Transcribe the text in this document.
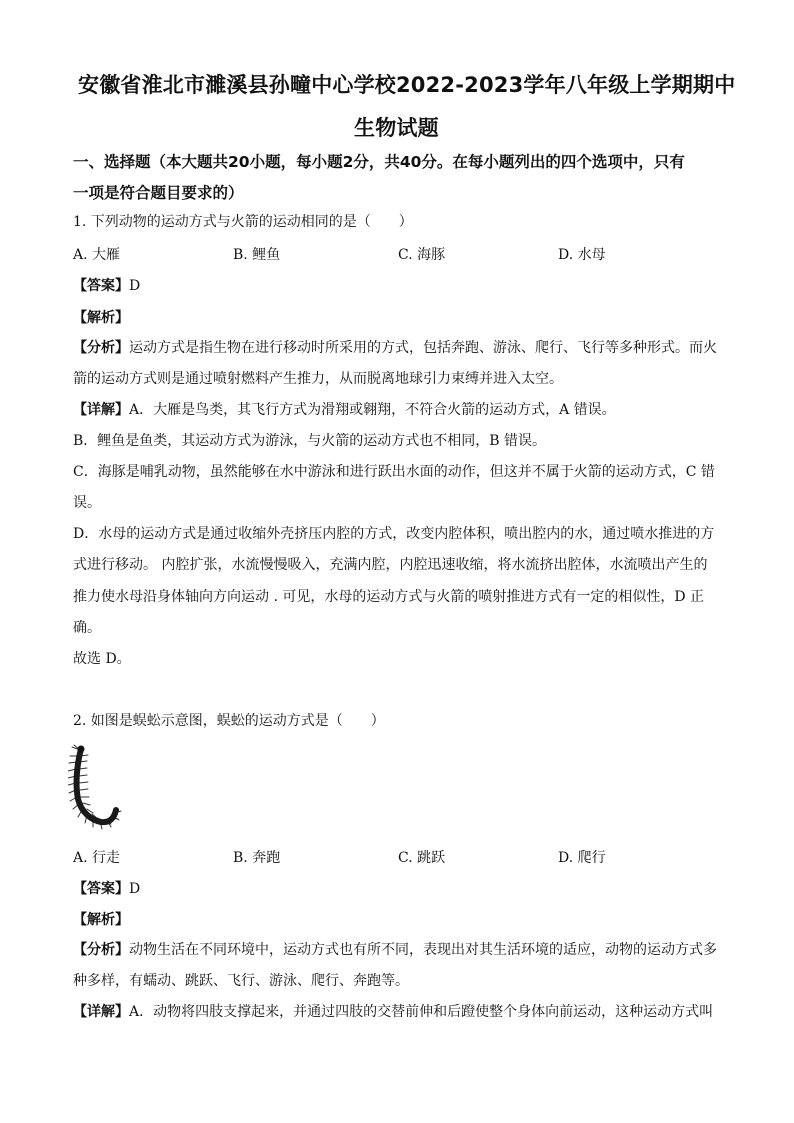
安徽省淮北市濉溪县孙疃中心学校2022-2023学年八年级上学期期中
生物试题
一、选择题（本大题共20小题，每小题2分，共40分。在每小题列出的四个选项中，只有
一项是符合题目要求的）
1. 下列动物的运动方式与火箭的运动相同的是（　　）
A. 大雁	B. 鲤鱼	C. 海豚	D. 水母
【答案】D
【解析】
【分析】运动方式是指生物在进行移动时所采用的方式，包括奔跑、游泳、爬行、飞行等多种形式。而火
箭的运动方式则是通过喷射燃料产生推力，从而脱离地球引力束缚并进入太空。
【详解】A．大雁是鸟类，其飞行方式为滑翔或翱翔，不符合火箭的运动方式，A 错误。
B．鲤鱼是鱼类，其运动方式为游泳，与火箭的运动方式也不相同，B 错误。
C．海豚是哺乳动物，虽然能够在水中游泳和进行跃出水面的动作，但这并不属于火箭的运动方式，C 错
误。
D．水母的运动方式是通过收缩外壳挤压内腔的方式，改变内腔体积，喷出腔内的水，通过喷水推进的方
式进行移动。 内腔扩张，水流慢慢吸入，充满内腔，内腔迅速收缩，将水流挤出腔体，水流喷出产生的
推力使水母沿身体轴向方向运动 . 可见，水母的运动方式与火箭的喷射推进方式有一定的相似性，D 正
确。
故选 D。
2. 如图是蜈蚣示意图，蜈蚣的运动方式是（　　）
A. 行走	B. 奔跑	C. 跳跃	D. 爬行
【答案】D
【解析】
【分析】动物生活在不同环境中，运动方式也有所不同，表现出对其生活环境的适应，动物的运动方式多
种多样，有蠕动、跳跃、飞行、游泳、爬行、奔跑等。
【详解】A．动物将四肢支撑起来，并通过四肢的交替前伸和后蹬使整个身体向前运动，这种运动方式叫
